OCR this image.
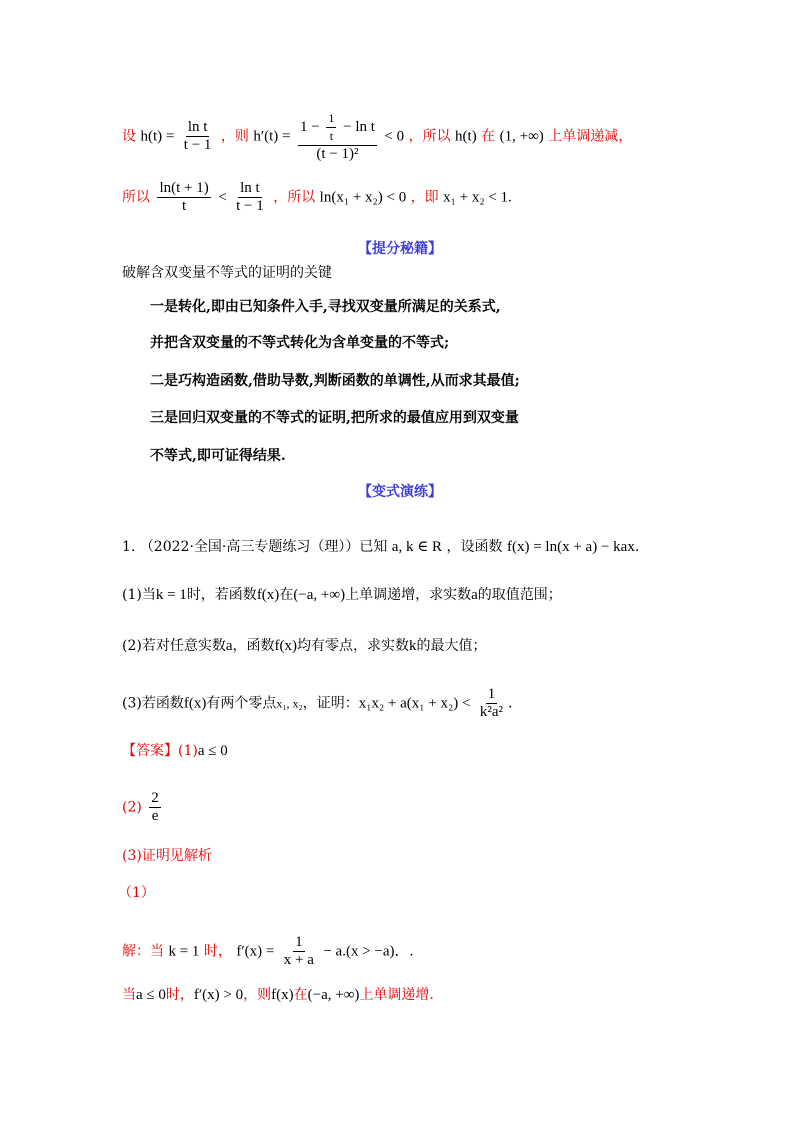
设 $h(t) = \frac{\text{ln t}}{t - 1}$ ，则 $h'(t) = \frac{1 - \frac{1}{t} - \ln t}{\text{(t − 1)²}} < 0$ ，所以 h(t) 在 (1, +∞) 上单调递减，
所以 $\frac{\ln(t + 1)}{t} < \frac{\text{ln t}}{t - 1}$ ，所以 ln(x₁ + x₂) < 0 ，即 x₁ + x₂ < 1.
【提分秘籍】
破解含双变量不等式的证明的关键
一是转化,即由已知条件入手,寻找双变量所满足的关系式,
并把含双变量的不等式转化为含单变量的不等式;
二是巧构造函数,借助导数,判断函数的单调性,从而求其最值;
三是回归双变量的不等式的证明,把所求的最值应用到双变量
不等式,即可证得结果.
【变式演练】
1. （2022·全国·高三专题练习（理））已知 a, k ∈ R ，设函数 f(x) = ln(x + a) − kax.
(1)当k = 1时，若函数f(x)在(−a, +∞)上单调递增，求实数a的取值范围；
(2)若对任意实数a，函数f(x)均有零点，求实数k的最大值；
(3)若函数f(x)有两个零点x₁, x₂，证明：$x_1x_2 + a(x_1 + x_2) < \frac{1}{\text{k²a²}}$ .
【答案】(1)a ≤ 0
$(2) \frac{2}{e}$
(3)证明见解析
（1）
解：当 k = 1 时， $f'(x) = \frac{1}{x + a} - a.(x > -a)$．.
当a ≤ 0时，f′(x) > 0，则f(x)在(−a, +∞)上单调递增.
